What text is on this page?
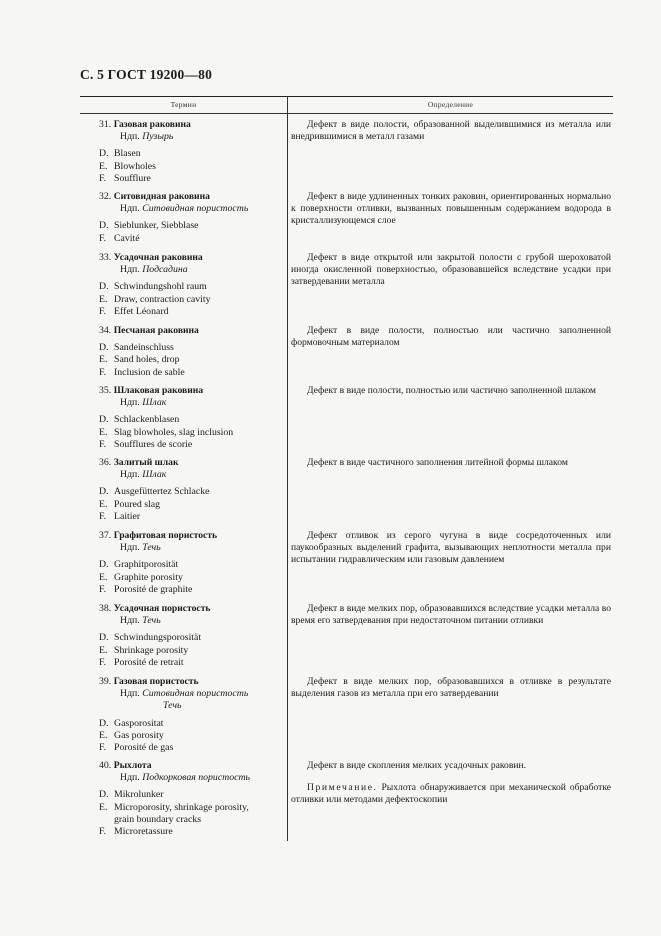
С. 5 ГОСТ 19200—80
Термин	Определение
31. Газовая раковина
Ндп. Пузырь
D. Blasen
E. Blowholes
F. Soufflure
Дефект в виде полости, образованной выделившимися из металла или внедрившимися в металл газами
32. Ситовидная раковина
Ндп. Ситовидная пористость
D. Sieblunker, Siebblase
F. Cavité
Дефект в виде удлиненных тонких раковин, ориентированных нормально к поверхности отливки, вызванных повышенным содержанием водорода в кристаллизующемся слое
33. Усадочная раковина
Ндп. Подсадина
D. Schwindungshohl raum
E. Draw, contraction cavity
F. Effet Léonard
Дефект в виде открытой или закрытой полости с грубой шероховатой иногда окисленной поверхностью, образовавшейся вследствие усадки при затвердевании металла
34. Песчаная раковина
D. Sandeinschluss
E. Sand holes, drop
F. Inclusion de sable
Дефект в виде полости, полностью или частично заполненной формовочным материалом
35. Шлаковая раковина
Ндп. Шлак
D. Schlackenblasen
E. Slag blowholes, slag inclusion
F. Soufflures de scorie
Дефект в виде полости, полностью или частично заполненной шлаком
36. Залитый шлак
Ндп. Шлак
D. Ausgefüttertez Schlacke
E. Poured slag
F. Laitier
Дефект в виде частичного заполнения литейной формы шлаком
37. Графитовая пористость
Ндп. Течь
D. Graphitporosität
E. Graphite porosity
F. Porosité de graphite
Дефект отливок из серого чугуна в виде сосредоточенных или паукообразных выделений графита, вызывающих неплотности металла при испытании гидравлическим или газовым давлением
38. Усадочная пористость
Ндп. Течь
D. Schwindungsporosität
E. Shrinkage porosity
F. Porosité de retrait
Дефект в виде мелких пор, образовавшихся вследствие усадки металла во время его затвердевания при недостаточном питании отливки
39. Газовая пористость
Ндп. Ситовидная пористость
Течь
D. Gasporositat
E. Gas porosity
F. Porosité de gas
Дефект в виде мелких пор, образовавшихся в отливке в результате выделения газов из металла при его затвердевании
40. Рыхлота
Ндп. Подкорковая пористость
D. Mikrolunker
E. Microporosity, shrinkage porosity,
grain boundary cracks
F. Microretassure
Дефект в виде скопления мелких усадочных раковин.
Примечание. Рыхлота обнаруживается при механической обработке отливки или методами дефектоскопии
